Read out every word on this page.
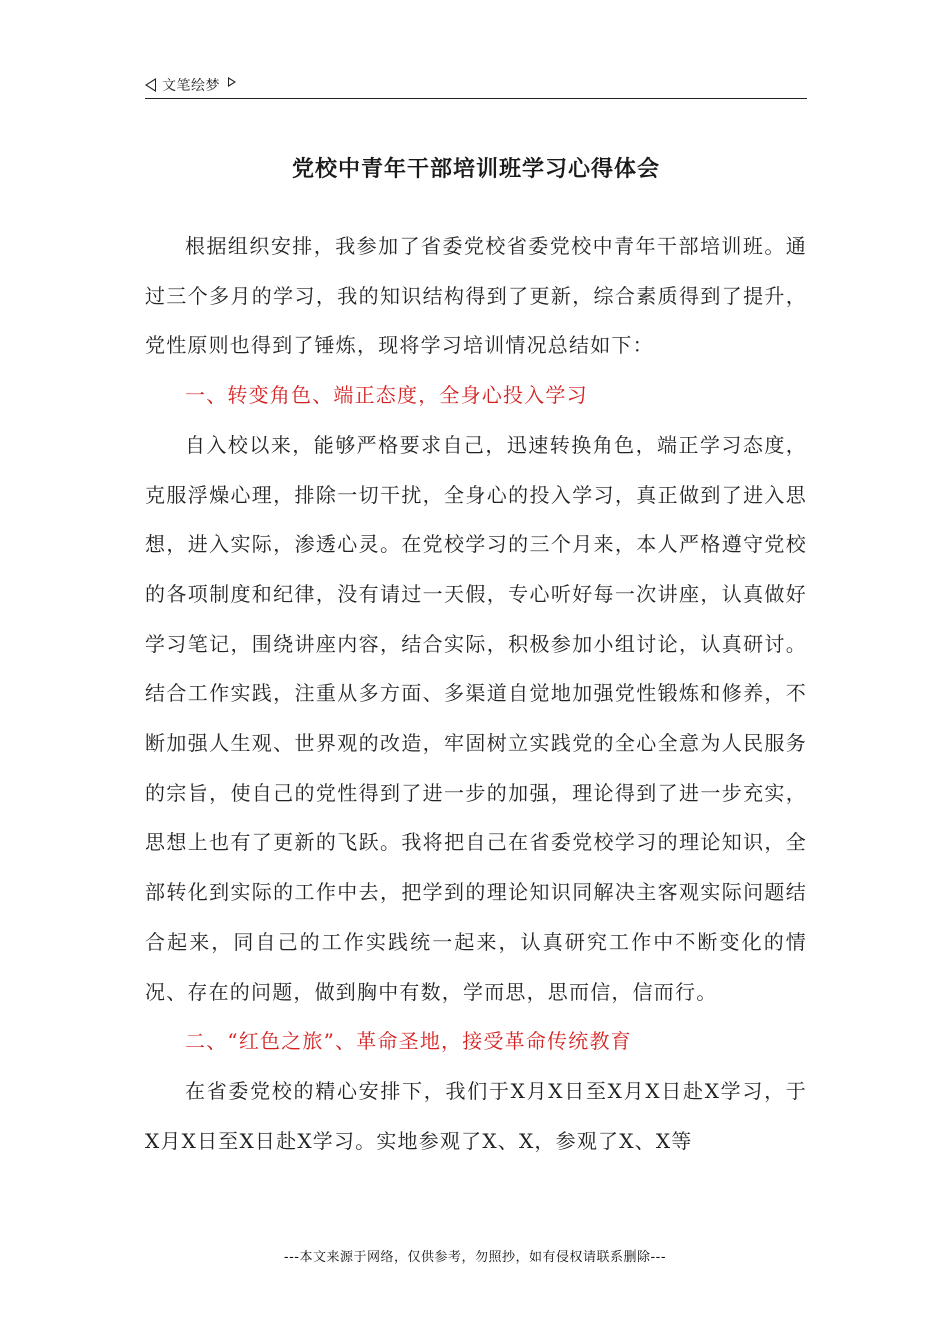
文笔绘梦
党校中青年干部培训班学习心得体会

根据组织安排，我参加了省委党校省委党校中青年干部培训班。通过三个多月的学习，我的知识结构得到了更新，综合素质得到了提升，党性原则也得到了锤炼，现将学习培训情况总结如下：

一、转变角色、端正态度，全身心投入学习

自入校以来，能够严格要求自己，迅速转换角色，端正学习态度，克服浮燥心理，排除一切干扰，全身心的投入学习，真正做到了进入思想，进入实际，渗透心灵。在党校学习的三个月来，本人严格遵守党校的各项制度和纪律，没有请过一天假，专心听好每一次讲座，认真做好学习笔记，围绕讲座内容，结合实际，积极参加小组讨论，认真研讨。结合工作实践，注重从多方面、多渠道自觉地加强党性锻炼和修养，不断加强人生观、世界观的改造，牢固树立实践党的全心全意为人民服务的宗旨，使自己的党性得到了进一步的加强，理论得到了进一步充实，思想上也有了更新的飞跃。我将把自己在省委党校学习的理论知识，全部转化到实际的工作中去，把学到的理论知识同解决主客观实际问题结合起来，同自己的工作实践统一起来，认真研究工作中不断变化的情况、存在的问题，做到胸中有数，学而思，思而信，信而行。

二、“红色之旅”、革命圣地，接受革命传统教育

在省委党校的精心安排下，我们于X月X日至X月X日赴X学习，于X月X日至X日赴X学习。实地参观了X、X，参观了X、X等

---本文来源于网络，仅供参考，勿照抄，如有侵权请联系删除---
